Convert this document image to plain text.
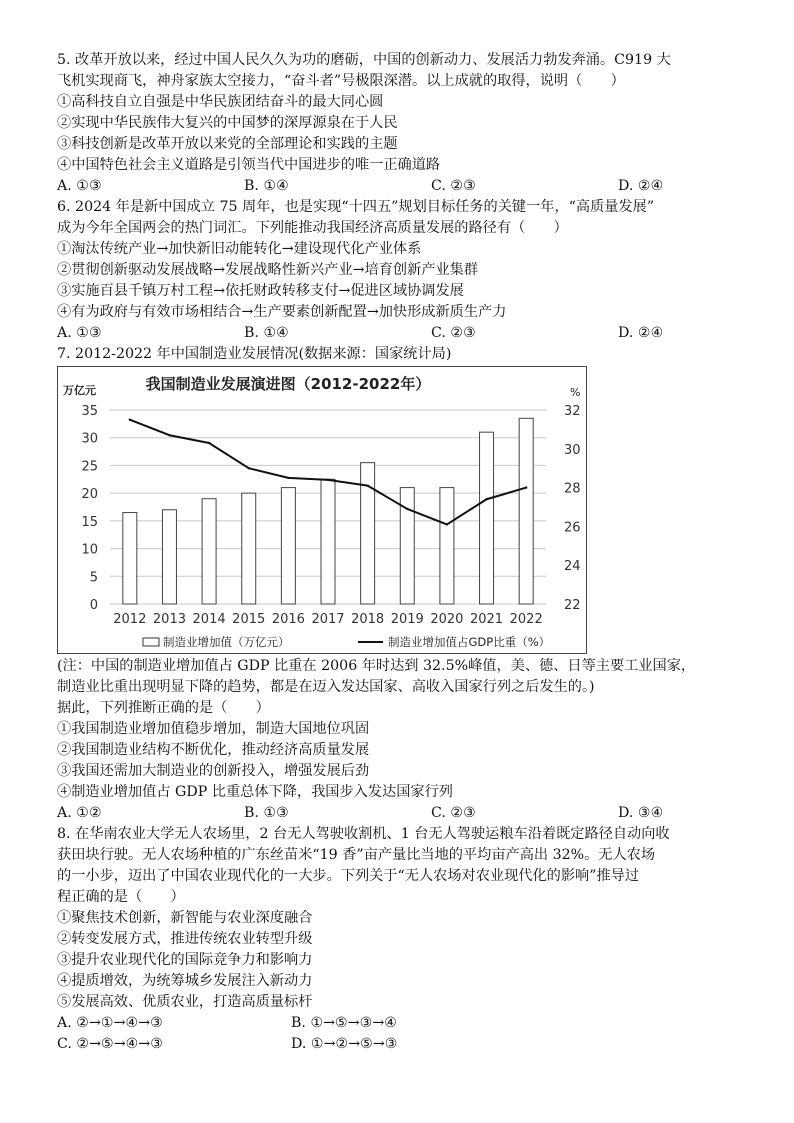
5. 改革开放以来，经过中国人民久久为功的磨砺，中国的创新动力、发展活力勃发奔涌。C919 大
飞机实现商飞，神舟家族太空接力，“奋斗者”号极限深潜。以上成就的取得，说明（　　）
①高科技自立自强是中华民族团结奋斗的最大同心圆
②实现中华民族伟大复兴的中国梦的深厚源泉在于人民
③科技创新是改革开放以来党的全部理论和实践的主题
④中国特色社会主义道路是引领当代中国进步的唯一正确道路
A. ①③	B. ①④	C. ②③	D. ②④
6. 2024 年是新中国成立 75 周年，也是实现“十四五”规划目标任务的关键一年，“高质量发展”
成为今年全国两会的热门词汇。下列能推动我国经济高质量发展的路径有（　　）
①淘汰传统产业→加快新旧动能转化→建设现代化产业体系
②贯彻创新驱动发展战略→发展战略性新兴产业→培育创新产业集群
③实施百县千镇万村工程→依托财政转移支付→促进区域协调发展
④有为政府与有效市场相结合→生产要素创新配置→加快形成新质生产力
A. ①③	B. ①④	C. ②③	D. ②④
7. 2012-2022 年中国制造业发展情况(数据来源：国家统计局)
我国制造业发展演进图（2012-2022年）
万亿元	%
0
5
10
15
20
25
30
35
22
24
26
28
30
32
2012 2013 2014 2015 2016 2017 2018 2019 2020 2021 2022
制造业增加值（万亿元）	制造业增加值占GDP比重（%）
(注：中国的制造业增加值占 GDP 比重在 2006 年时达到 32.5%峰值，美、德、日等主要工业国家，
制造业比重出现明显下降的趋势，都是在迈入发达国家、高收入国家行列之后发生的。)
据此，下列推断正确的是（　　）
①我国制造业增加值稳步增加，制造大国地位巩固
②我国制造业结构不断优化，推动经济高质量发展
③我国还需加大制造业的创新投入，增强发展后劲
④制造业增加值占 GDP 比重总体下降，我国步入发达国家行列
A. ①②	B. ①③	C. ②③	D. ③④
8. 在华南农业大学无人农场里，2 台无人驾驶收割机、1 台无人驾驶运粮车沿着既定路径自动向收
获田块行驶。无人农场种植的广东丝苗米“19 香”亩产量比当地的平均亩产高出 32%。无人农场
的一小步，迈出了中国农业现代化的一大步。下列关于“无人农场对农业现代化的影响”推导过
程正确的是（　　）
①聚焦技术创新，新智能与农业深度融合
②转变发展方式，推进传统农业转型升级
③提升农业现代化的国际竞争力和影响力
④提质增效，为统筹城乡发展注入新动力
⑤发展高效、优质农业，打造高质量标杆
A. ②→①→④→③	B. ①→⑤→③→④
C. ②→⑤→④→③	D. ①→②→⑤→③
